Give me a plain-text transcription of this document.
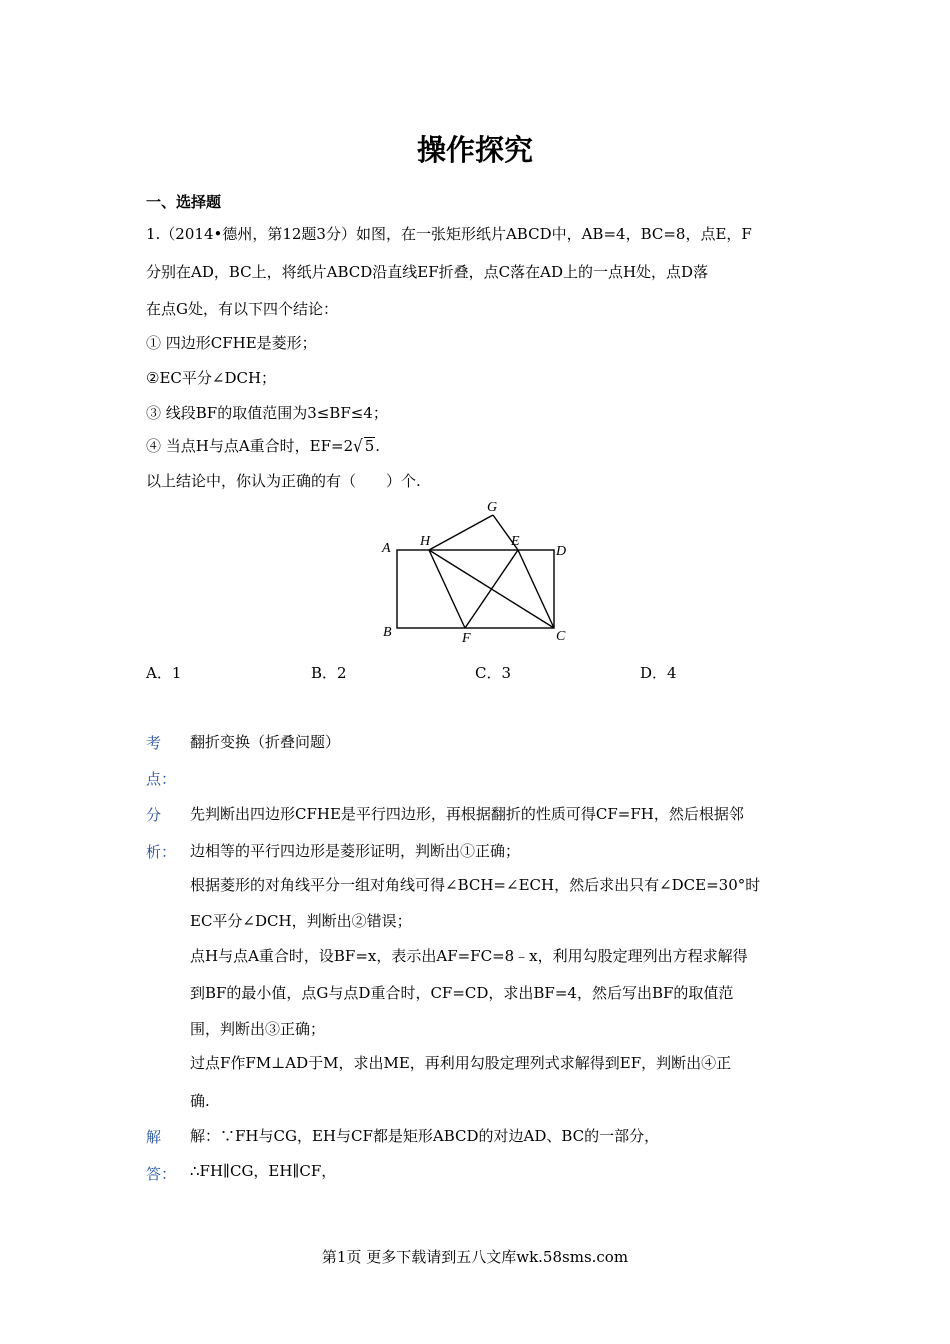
操作探究
一、选择题
1.（2014•德州，第12题3分）如图，在一张矩形纸片ABCD中，AB=4，BC=8，点E，F
分别在AD，BC上，将纸片ABCD沿直线EF折叠，点C落在AD上的一点H处，点D落
在点G处，有以下四个结论：
① 四边形CFHE是菱形；
②EC平分∠DCH；
③ 线段BF的取值范围为3≤BF≤4；
④ 当点H与点A重合时，EF=2√ 5.
以上结论中，你认为正确的有（　　）个.
A
B	C
D
E
F
G
H
A．1	B．2	C．3	D．4
考
点：
翻折变换（折叠问题）
分
析：
先判断出四边形CFHE是平行四边形，再根据翻折的性质可得CF=FH，然后根据邻
边相等的平行四边形是菱形证明，判断出①正确；
根据菱形的对角线平分一组对角线可得∠BCH=∠ECH，然后求出只有∠DCE=30°时
EC平分∠DCH，判断出②错误；
点H与点A重合时，设BF=x，表示出AF=FC=8﹣x，利用勾股定理列出方程求解得
到BF的最小值，点G与点D重合时，CF=CD，求出BF=4，然后写出BF的取值范
围，判断出③正确；
过点F作FM⊥AD于M，求出ME，再利用勾股定理列式求解得到EF，判断出④正
确.
解
答：
解：∵FH与CG，EH与CF都是矩形ABCD的对边AD、BC的一部分，
∴FH∥CG，EH∥CF，
第1页 更多下载请到五八文库wk.58sms.com
